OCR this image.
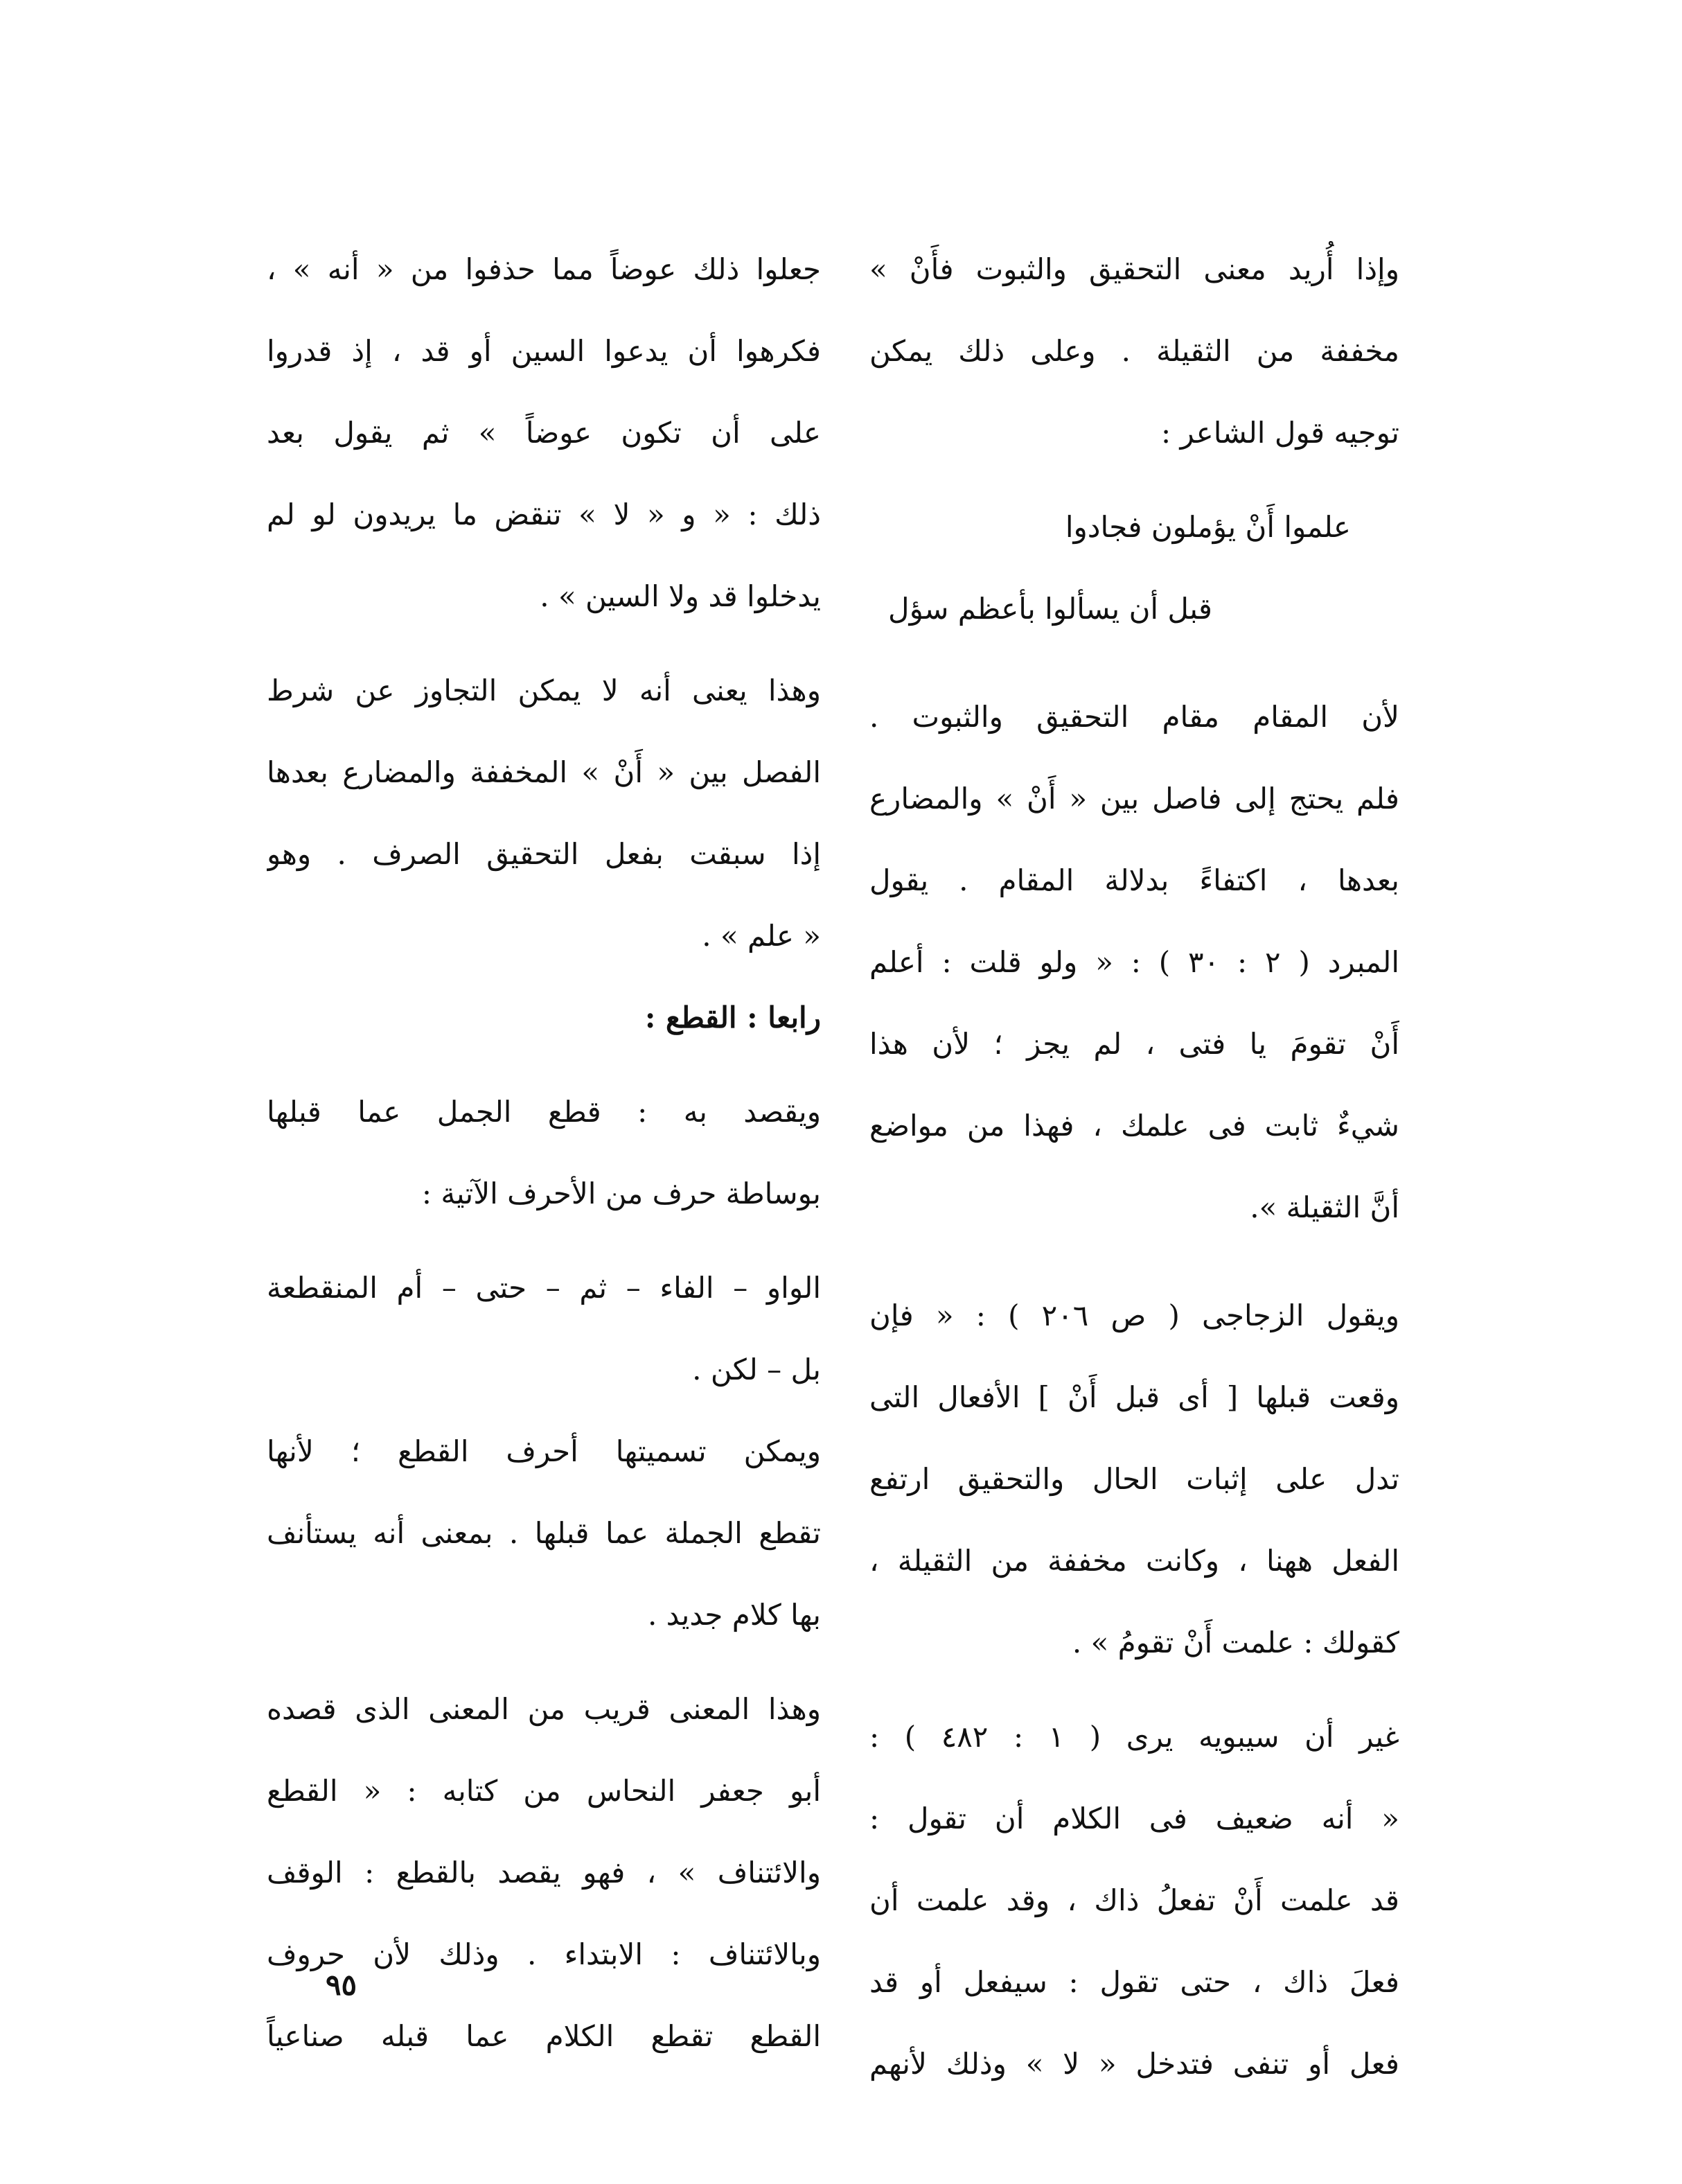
وإذا أُريد معنى التحقيق والثبوت فأَنْ »
مخففة من الثقيلة . وعلى ذلك يمكن
توجيه قول الشاعر :
علموا أَنْ يؤملون فجادوا
قبل أن يسألوا بأعظم سؤل
لأن المقام مقام التحقيق والثبوت .
فلم يحتج إلى فاصل بين « أَنْ » والمضارع
بعدها ، اكتفاءً بدلالة المقام . يقول
المبرد ( ٢ : ٣٠ ) : « ولو قلت : أعلم
أَنْ تقومَ يا فتى ، لم يجز ؛ لأن هذا
شيءٌ ثابت فى علمك ، فهذا من مواضع
أنَّ الثقيلة ».
ويقول الزجاجى ( ص ٢٠٦ ) : « فإن
وقعت قبلها [ أى قبل أَنْ ] الأفعال التى
تدل على إثبات الحال والتحقيق ارتفع
الفعل ههنا ، وكانت مخففة من الثقيلة ،
كقولك : علمت أَنْ تقومُ » .
غير أن سيبويه يرى ( ١ : ٤٨٢ ) :
« أنه ضعيف فى الكلام أن تقول :
قد علمت أَنْ تفعلُ ذاك ، وقد علمت أن
فعلَ ذاك ، حتى تقول : سيفعل أو قد
فعل أو تنفى فتدخل « لا » وذلك لأنهم
جعلوا ذلك عوضاً مما حذفوا من « أنه » ،
فكرهوا أن يدعوا السين أو قد ، إذ قدروا
على أن تكون عوضاً » ثم يقول بعد
ذلك : « و « لا » تنقض ما يريدون لو لم
يدخلوا قد ولا السين » .
وهذا يعنى أنه لا يمكن التجاوز عن شرط
الفصل بين « أَنْ » المخففة والمضارع بعدها
إذا سبقت بفعل التحقيق الصرف . وهو
« علم » .
رابعا : القطع :
ويقصد به : قطع الجمل عما قبلها
بوساطة حرف من الأحرف الآتية :
الواو – الفاء – ثم – حتى – أم المنقطعة
بل – لكن .
ويمكن تسميتها أحرف القطع ؛ لأنها
تقطع الجملة عما قبلها . بمعنى أنه يستأنف
بها كلام جديد .
وهذا المعنى قريب من المعنى الذى قصده
أبو جعفر النحاس من كتابه : « القطع
والائتناف » ، فهو يقصد بالقطع : الوقف
وبالائتناف : الابتداء . وذلك لأن حروف
القطع تقطع الكلام عما قبله صناعياً
٩٥
